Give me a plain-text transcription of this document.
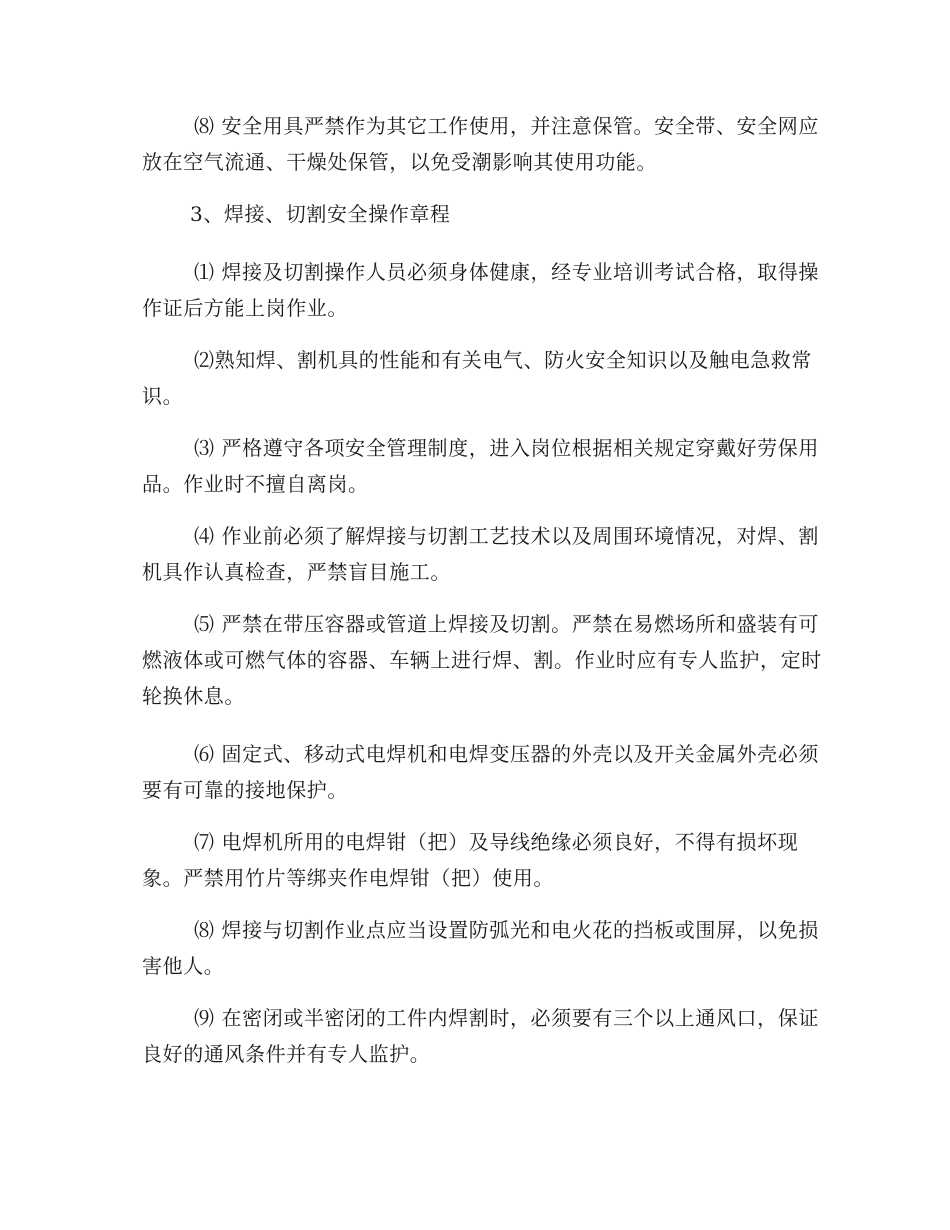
⑻ 安全用具严禁作为其它工作使用，并注意保管。安全带、安全网应放在空气流通、干燥处保管，以免受潮影响其使用功能。

3、焊接、切割安全操作章程

⑴ 焊接及切割操作人员必须身体健康，经专业培训考试合格，取得操作证后方能上岗作业。

⑵熟知焊、割机具的性能和有关电气、防火安全知识以及触电急救常识。

⑶ 严格遵守各项安全管理制度，进入岗位根据相关规定穿戴好劳保用品。作业时不擅自离岗。

⑷ 作业前必须了解焊接与切割工艺技术以及周围环境情况，对焊、割机具作认真检查，严禁盲目施工。

⑸ 严禁在带压容器或管道上焊接及切割。严禁在易燃场所和盛装有可燃液体或可燃气体的容器、车辆上进行焊、割。作业时应有专人监护，定时轮换休息。

⑹ 固定式、移动式电焊机和电焊变压器的外壳以及开关金属外壳必须要有可靠的接地保护。

⑺ 电焊机所用的电焊钳（把）及导线绝缘必须良好，不得有损坏现象。严禁用竹片等绑夹作电焊钳（把）使用。

⑻ 焊接与切割作业点应当设置防弧光和电火花的挡板或围屏，以免损害他人。

⑼ 在密闭或半密闭的工件内焊割时，必须要有三个以上通风口，保证良好的通风条件并有专人监护。
